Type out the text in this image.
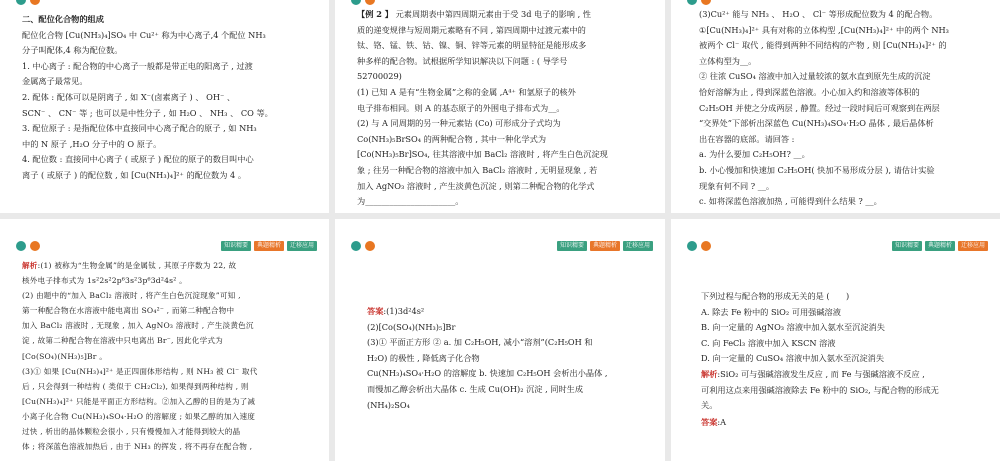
二、配位化合物的组成

配位化合物 [Cu(NH₃)₄]SO₄ 中 Cu²⁺ 称为中心离子,4 个配位 NH₃

分子叫配体,4 称为配位数。

1. 中心离子 : 配合物的中心离子一般都是带正电的阳离子 , 过渡

金属离子最常见。

2. 配体 : 配体可以是阴离子 , 如 X⁻(卤素离子 ) 、 OH⁻ 、

SCN⁻ 、 CN⁻ 等 ; 也可以是中性分子 , 如 H₂O 、 NH₃ 、 CO 等。

3. 配位原子 : 是指配位体中直接同中心离子配合的原子 , 如 NH₃

中的 N 原子 ,H₂O 分子中的 O 原子。

4. 配位数 : 直接同中心离子 ( 或原子 ) 配位的原子的数目叫中心

离子 ( 或原子 ) 的配位数 , 如 [Cu(NH₃)₄]²⁺ 的配位数为 4 。

【例 2 】 元素周期表中第四周期元素由于受 3d 电子的影响 , 性

质的递变规律与短周期元素略有不同 , 第四周期中过渡元素中的

钛、铬、锰、铁、钴、镍、铜、锌等元素的明显特征是能形成多

种多样的配合物。试根据所学知识解决以下问题 : ( 导学号

52700029)

(1) 已知 A 是有“生物金属”之称的金属 ,A⁴⁺ 和氩原子的核外

电子排布相同。则 A 的基态原子的外围电子排布式为__。

(2) 与 A 同周期的另一种元素钴 (Co) 可形成分子式均为

Co(NH₃)₅BrSO₄ 的两种配合物 , 其中一种化学式为

[Co(NH₃)₅Br]SO₄, 往其溶液中加 BaCl₂ 溶液时 , 将产生白色沉淀现

象 ; 往另一种配合物的溶液中加入 BaCl₂ 溶液时 , 无明显现象 , 若

加入 AgNO₃ 溶液时 , 产生淡黄色沉淀 , 则第二种配合物的化学式

为______________________。

(3)Cu²⁺ 能与 NH₃ 、 H₂O 、 Cl⁻ 等形成配位数为 4 的配合物。

①[Cu(NH₃)₄]²⁺ 具有对称的立体构型 ,[Cu(NH₃)₄]²⁺ 中的两个 NH₃

被两个 Cl⁻ 取代 , 能得到两种不同结构的产物 , 则 [Cu(NH₃)₄]²⁺ 的

立体构型为__。

② 往浓 CuSO₄ 溶液中加入过量较浓的氨水直到原先生成的沉淀

恰好溶解为止 , 得到深蓝色溶液。小心加入约和溶液等体积的

C₂H₅OH 并使之分成两层 , 静置。经过一段时间后可观察到在两层

“交界处”下部析出深蓝色 Cu(NH₃)₄SO₄·H₂O 晶体 , 最后晶体析

出在容器的底部。请回答 :

a. 为什么要加 C₂H₅OH? __。

b. 小心慢加和快速加 C₂H₅OH( 快加不易形成分层 ), 请估计实验

现象有何不同 ? __。

c. 如将深蓝色溶液加热 , 可能得到什么结果 ? __。

知识精要	典题精析	迁移应用

解析:(1) 被称为“生物金属”的是金属钛 , 其原子序数为 22, 故

核外电子排布式为 1s²2s²2p⁶3s²3p⁶3d²4s² 。

(2) 由题中的“加入 BaCl₂ 溶液时 , 将产生白色沉淀现象”可知 ,

第一种配合物在水溶液中能电离出 SO₄²⁻ , 而第二种配合物中

加入 BaCl₂ 溶液时 , 无现象 , 加入 AgNO₃ 溶液时 , 产生淡黄色沉

淀 , 故第二种配合物在溶液中只电离出 Br⁻, 因此化学式为

[Co(SO₄)(NH₃)₅]Br 。

(3)① 如果 [Cu(NH₃)₄]²⁺ 是正四面体形结构 , 则 NH₃ 被 Cl⁻ 取代

后 , 只会得到一种结构 ( 类似于 CH₂Cl₂), 如果得到两种结构 , 则

[Cu(NH₃)₄]²⁺ 只能是平面正方形结构。②加入乙醇的目的是为了减

小离子化合物 Cu(NH₃)₄SO₄·H₂O 的溶解度 ; 如果乙醇的加入速度

过快 , 析出的晶体颗粒会很小 , 只有慢慢加入才能得到较大的晶

体 ; 将深蓝色溶液加热后 , 由于 NH₃ 的挥发 , 将不再存在配合物 ,

知识精要	典题精析	迁移应用

答案:(1)3d²4s²

(2)[Co(SO₄)(NH₃)₅]Br

(3)① 平面正方形 ② a. 加 C₂H₅OH, 减小“溶剂”(C₂H₅OH 和

H₂O) 的极性 , 降低离子化合物

Cu(NH₃)₄SO₄·H₂O 的溶解度 b. 快速加 C₂H₅OH 会析出小晶体 ,

而慢加乙醇会析出大晶体 c. 生成 Cu(OH)₂ 沉淀 , 同时生成

(NH₄)₂SO₄

知识精要	典题精析	迁移应用

下列过程与配合物的形成无关的是 (　　)

A. 除去 Fe 粉中的 SiO₂ 可用强碱溶液

B. 向一定量的 AgNO₃ 溶液中加入氨水至沉淀消失

C. 向 FeCl₃ 溶液中加入 KSCN 溶液

D. 向一定量的 CuSO₄ 溶液中加入氨水至沉淀消失

解析:SiO₂ 可与强碱溶液发生反应 , 而 Fe 与强碱溶液不反应 ,

可利用这点来用强碱溶液除去 Fe 粉中的 SiO₂, 与配合物的形成无

关。

答案:A
